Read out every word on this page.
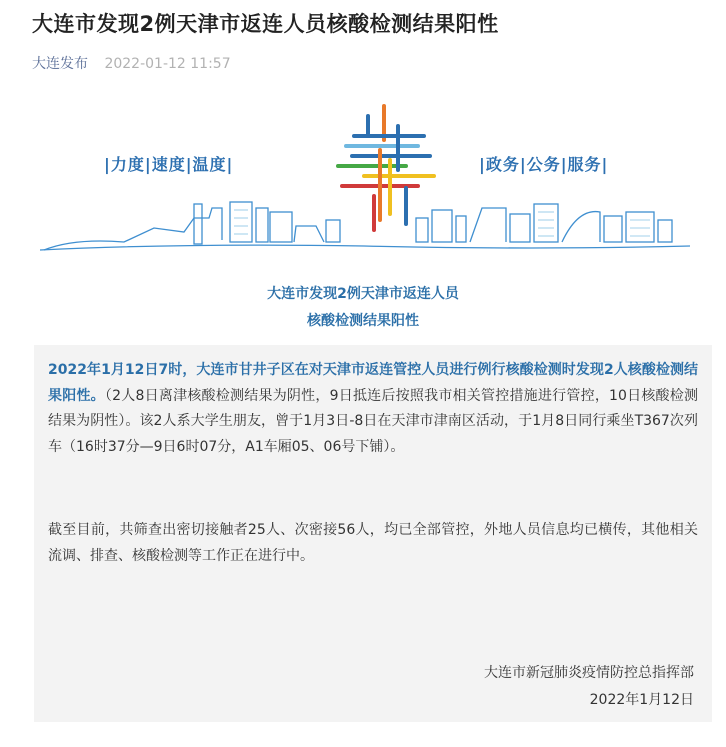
大连市发现2例天津市返连人员核酸检测结果阳性
大连发布 2022-01-12 11:57
|力度|速度|温度|	|政务|公务|服务|
大连市发现2例天津市返连人员
核酸检测结果阳性

2022年1月12日7时，大连市甘井子区在对天津市返连管控人员进行例行核酸检测时发现2人核酸检测结果阳性。（2人8日离津核酸检测结果为阴性，9日抵连后按照我市相关管控措施进行管控，10日核酸检测结果为阴性）。该2人系大学生朋友，曾于1月3日-8日在天津市津南区活动，于1月8日同行乘坐T367次列车（16时37分—9日6时07分，A1车厢05、06号下铺）。

截至目前，共筛查出密切接触者25人、次密接56人，均已全部管控，外地人员信息均已横传，其他相关流调、排查、核酸检测等工作正在进行中。

大连市新冠肺炎疫情防控总指挥部
2022年1月12日
